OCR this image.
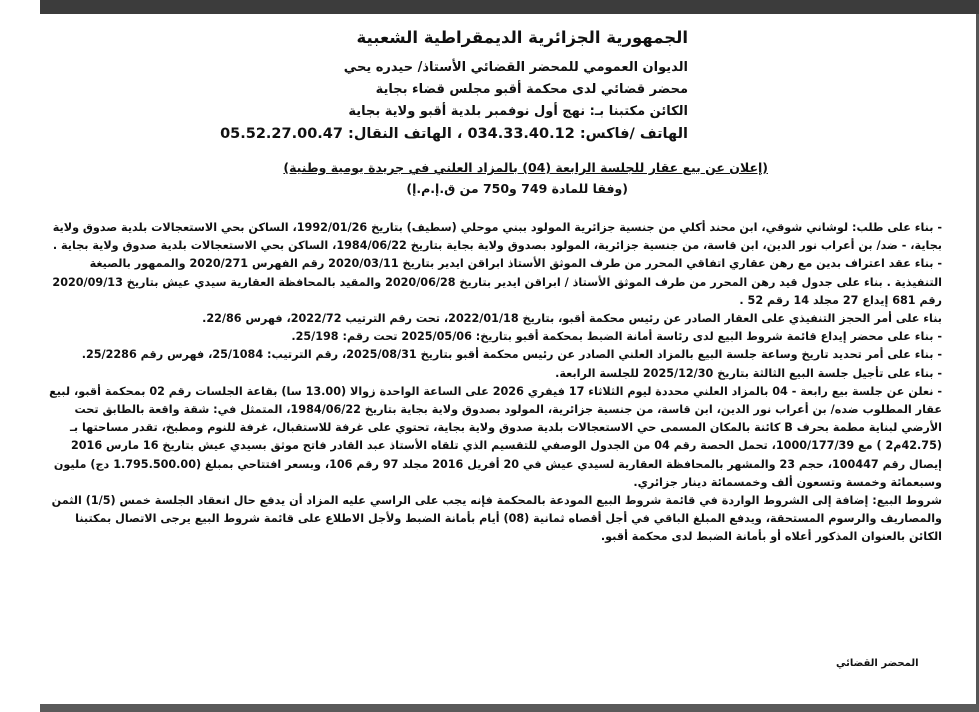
الجمهورية الجزائرية الديمقراطية الشعبية
الديوان العمومي للمحضر القضائي الأستاذ/ حيدره يحي
محضر قضائي لدى محكمة أقبو مجلس قضاء بجاية
الكائن مكتبنا بـ: نهج أول نوفمبر بلدية أقبو ولاية بجاية
الهاتف /فاكس: 034.33.40.12 ، الهاتف النقال: 05.52.27.00.47
(إعلان عن بيع عقار للجلسة الرابعة (04) بالمزاد العلني في جريدة يومية وطنية)
(وفقا للمادة 749 و750 من ق.إ.م.إ)

- بناء على طلب: لوشاني شوقي، ابن محند أكلي من جنسية جزائرية المولود ببني موحلي (سطيف) بتاريخ 1992/01/26، الساكن بحي الاستعجالات بلدية صدوق ولاية بجاية، - ضد/ بن أعراب نور الدين، ابن قاسة، من جنسية جزائرية، المولود بصدوق ولاية بجاية بتاريخ 1984/06/22، الساكن بحي الاستعجالات بلدية صدوق ولاية بجاية .

- بناء عقد اعتراف بدين مع رهن عقاري اتفاقي المحرر من طرف الموثق الأستاذ ابراقن ايدير بتاريخ 2020/03/11 رقم الفهرس 2020/271 والممهور بالصيغة التنفيذية . بناء على جدول قيد رهن المحرر من طرف الموثق الأستاذ / ابراقن ايدير بتاريخ 2020/06/28 والمقيد بالمحافظة العقارية سيدي عيش بتاريخ 2020/09/13 رقم 681 إيداع 27 مجلد 14 رقم 52 .

بناء على أمر الحجز التنفيذي على العقار الصادر عن رئيس محكمة أقبو، بتاريخ 2022/01/18، تحت رقم الترتيب 2022/72، فهرس 22/86.

- بناء على محضر إيداع قائمة شروط البيع لدى رئاسة أمانة الضبط بمحكمة أقبو بتاريخ: 2025/05/06 تحت رقم: 25/198.

- بناء على أمر تحديد تاريخ وساعة جلسة البيع بالمزاد العلني الصادر عن رئيس محكمة أقبو بتاريخ 2025/08/31، رقم الترتيب: 25/1084، فهرس رقم 25/2286.

- بناء على تأجيل جلسة البيع الثالثة بتاريخ 2025/12/30 للجلسة الرابعة.

- نعلن عن جلسة بيع رابعة - 04 بالمزاد العلني محددة ليوم الثلاثاء 17 فيفري 2026 على الساعة الواحدة زوالا (13.00 سا) بقاعة الجلسات رقم 02 بمحكمة أقبو، لبيع عقار المطلوب ضده/ بن أعراب نور الدين، ابن قاسة، من جنسية جزائرية، المولود بصدوق ولاية بجاية بتاريخ 1984/06/22، المتمثل في: شقة واقعة بالطابق تحت الأرضي لبناية مطمة بحرف B كائنة بالمكان المسمى حي الاستعجالات بلدية صدوق ولاية بجاية، تحتوي على غرفة للاستقبال، غرفة للنوم ومطبخ، تقدر مساحتها بـ (42.75م2 ) مع 1000/177/39، تحمل الحصة رقم 04 من الجدول الوصفي للتقسيم الذي تلقاه الأستاذ عبد القادر فاتح موثق بسيدي عيش بتاريخ 16 مارس 2016 إيصال رقم 100447، حجم 23 والمشهر بالمحافظة العقارية لسيدي عيش في 20 أفريل 2016 مجلد 97 رقم 106، وبسعر افتتاحي بمبلغ (1.795.500.00 دج) مليون وسبعمائة وخمسة وتسعون ألف وخمسمائة دينار جزائري.

شروط البيع: إضافة إلى الشروط الواردة في قائمة شروط البيع المودعة بالمحكمة فإنه يجب على الراسي عليه المزاد أن يدفع حال انعقاد الجلسة خمس (1/5) الثمن والمصاريف والرسوم المستحقة، ويدفع المبلغ الباقي في أجل أقصاه ثمانية (08) أيام بأمانة الضبط ولأجل الاطلاع على قائمة شروط البيع يرجى الاتصال بمكتبنا الكائن بالعنوان المذكور أعلاه أو بأمانة الضبط لدى محكمة أقبو.

المحضر القضائي
